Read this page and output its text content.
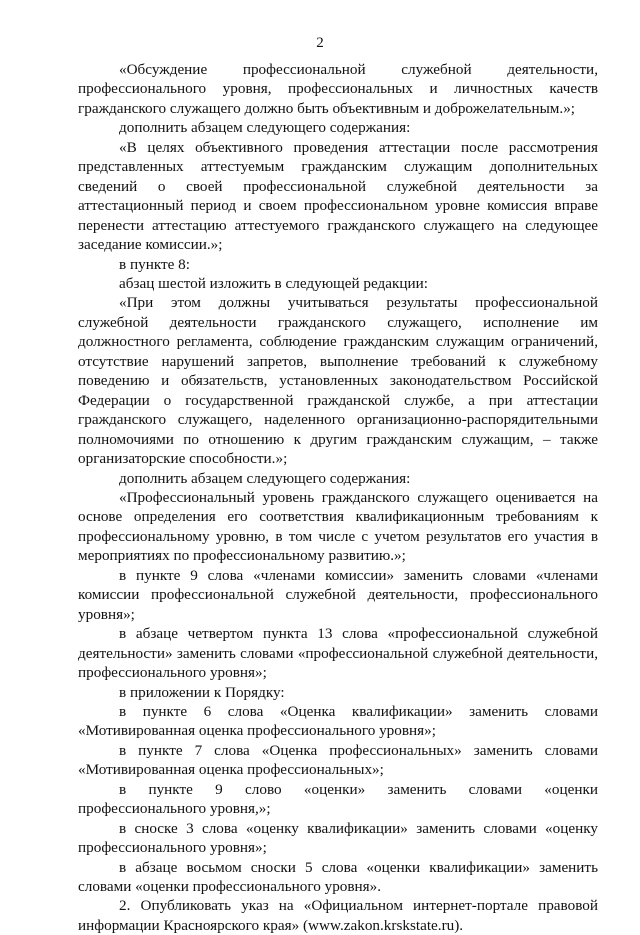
2

«Обсуждение профессиональной служебной деятельности, профессионального уровня, профессиональных и личностных качеств гражданского служащего должно быть объективным и доброжелательным.»;

дополнить абзацем следующего содержания:

«В целях объективного проведения аттестации после рассмотрения представленных аттестуемым гражданским служащим дополнительных сведений о своей профессиональной служебной деятельности за аттестационный период и своем профессиональном уровне комиссия вправе перенести аттестацию аттестуемого гражданского служащего на следующее заседание комиссии.»;

в пункте 8:

абзац шестой изложить в следующей редакции:

«При этом должны учитываться результаты профессиональной служебной деятельности гражданского служащего, исполнение им должностного регламента, соблюдение гражданским служащим ограничений, отсутствие нарушений запретов, выполнение требований к служебному поведению и обязательств, установленных законодательством Российской Федерации о государственной гражданской службе, а при аттестации гражданского служащего, наделенного организационно-распорядительными полномочиями по отношению к другим гражданским служащим, – также организаторские способности.»;

дополнить абзацем следующего содержания:

«Профессиональный уровень гражданского служащего оценивается на основе определения его соответствия квалификационным требованиям к профессиональному уровню, в том числе с учетом результатов его участия в мероприятиях по профессиональному развитию.»;

в пункте 9 слова «членами комиссии» заменить словами «членами комиссии профессиональной служебной деятельности, профессионального уровня»;

в абзаце четвертом пункта 13 слова «профессиональной служебной деятельности» заменить словами «профессиональной служебной деятельности, профессионального уровня»;

в приложении к Порядку:

в пункте 6 слова «Оценка квалификации» заменить словами «Мотивированная оценка профессионального уровня»;

в пункте 7 слова «Оценка профессиональных» заменить словами «Мотивированная оценка профессиональных»;

в пункте 9 слово «оценки» заменить словами «оценки профессионального уровня,»;

в сноске 3 слова «оценку квалификации» заменить словами «оценку профессионального уровня»;

в абзаце восьмом сноски 5 слова «оценки квалификации» заменить словами «оценки профессионального уровня».

2. Опубликовать указ на «Официальном интернет-портале правовой информации Красноярского края» (www.zakon.krskstate.ru).
